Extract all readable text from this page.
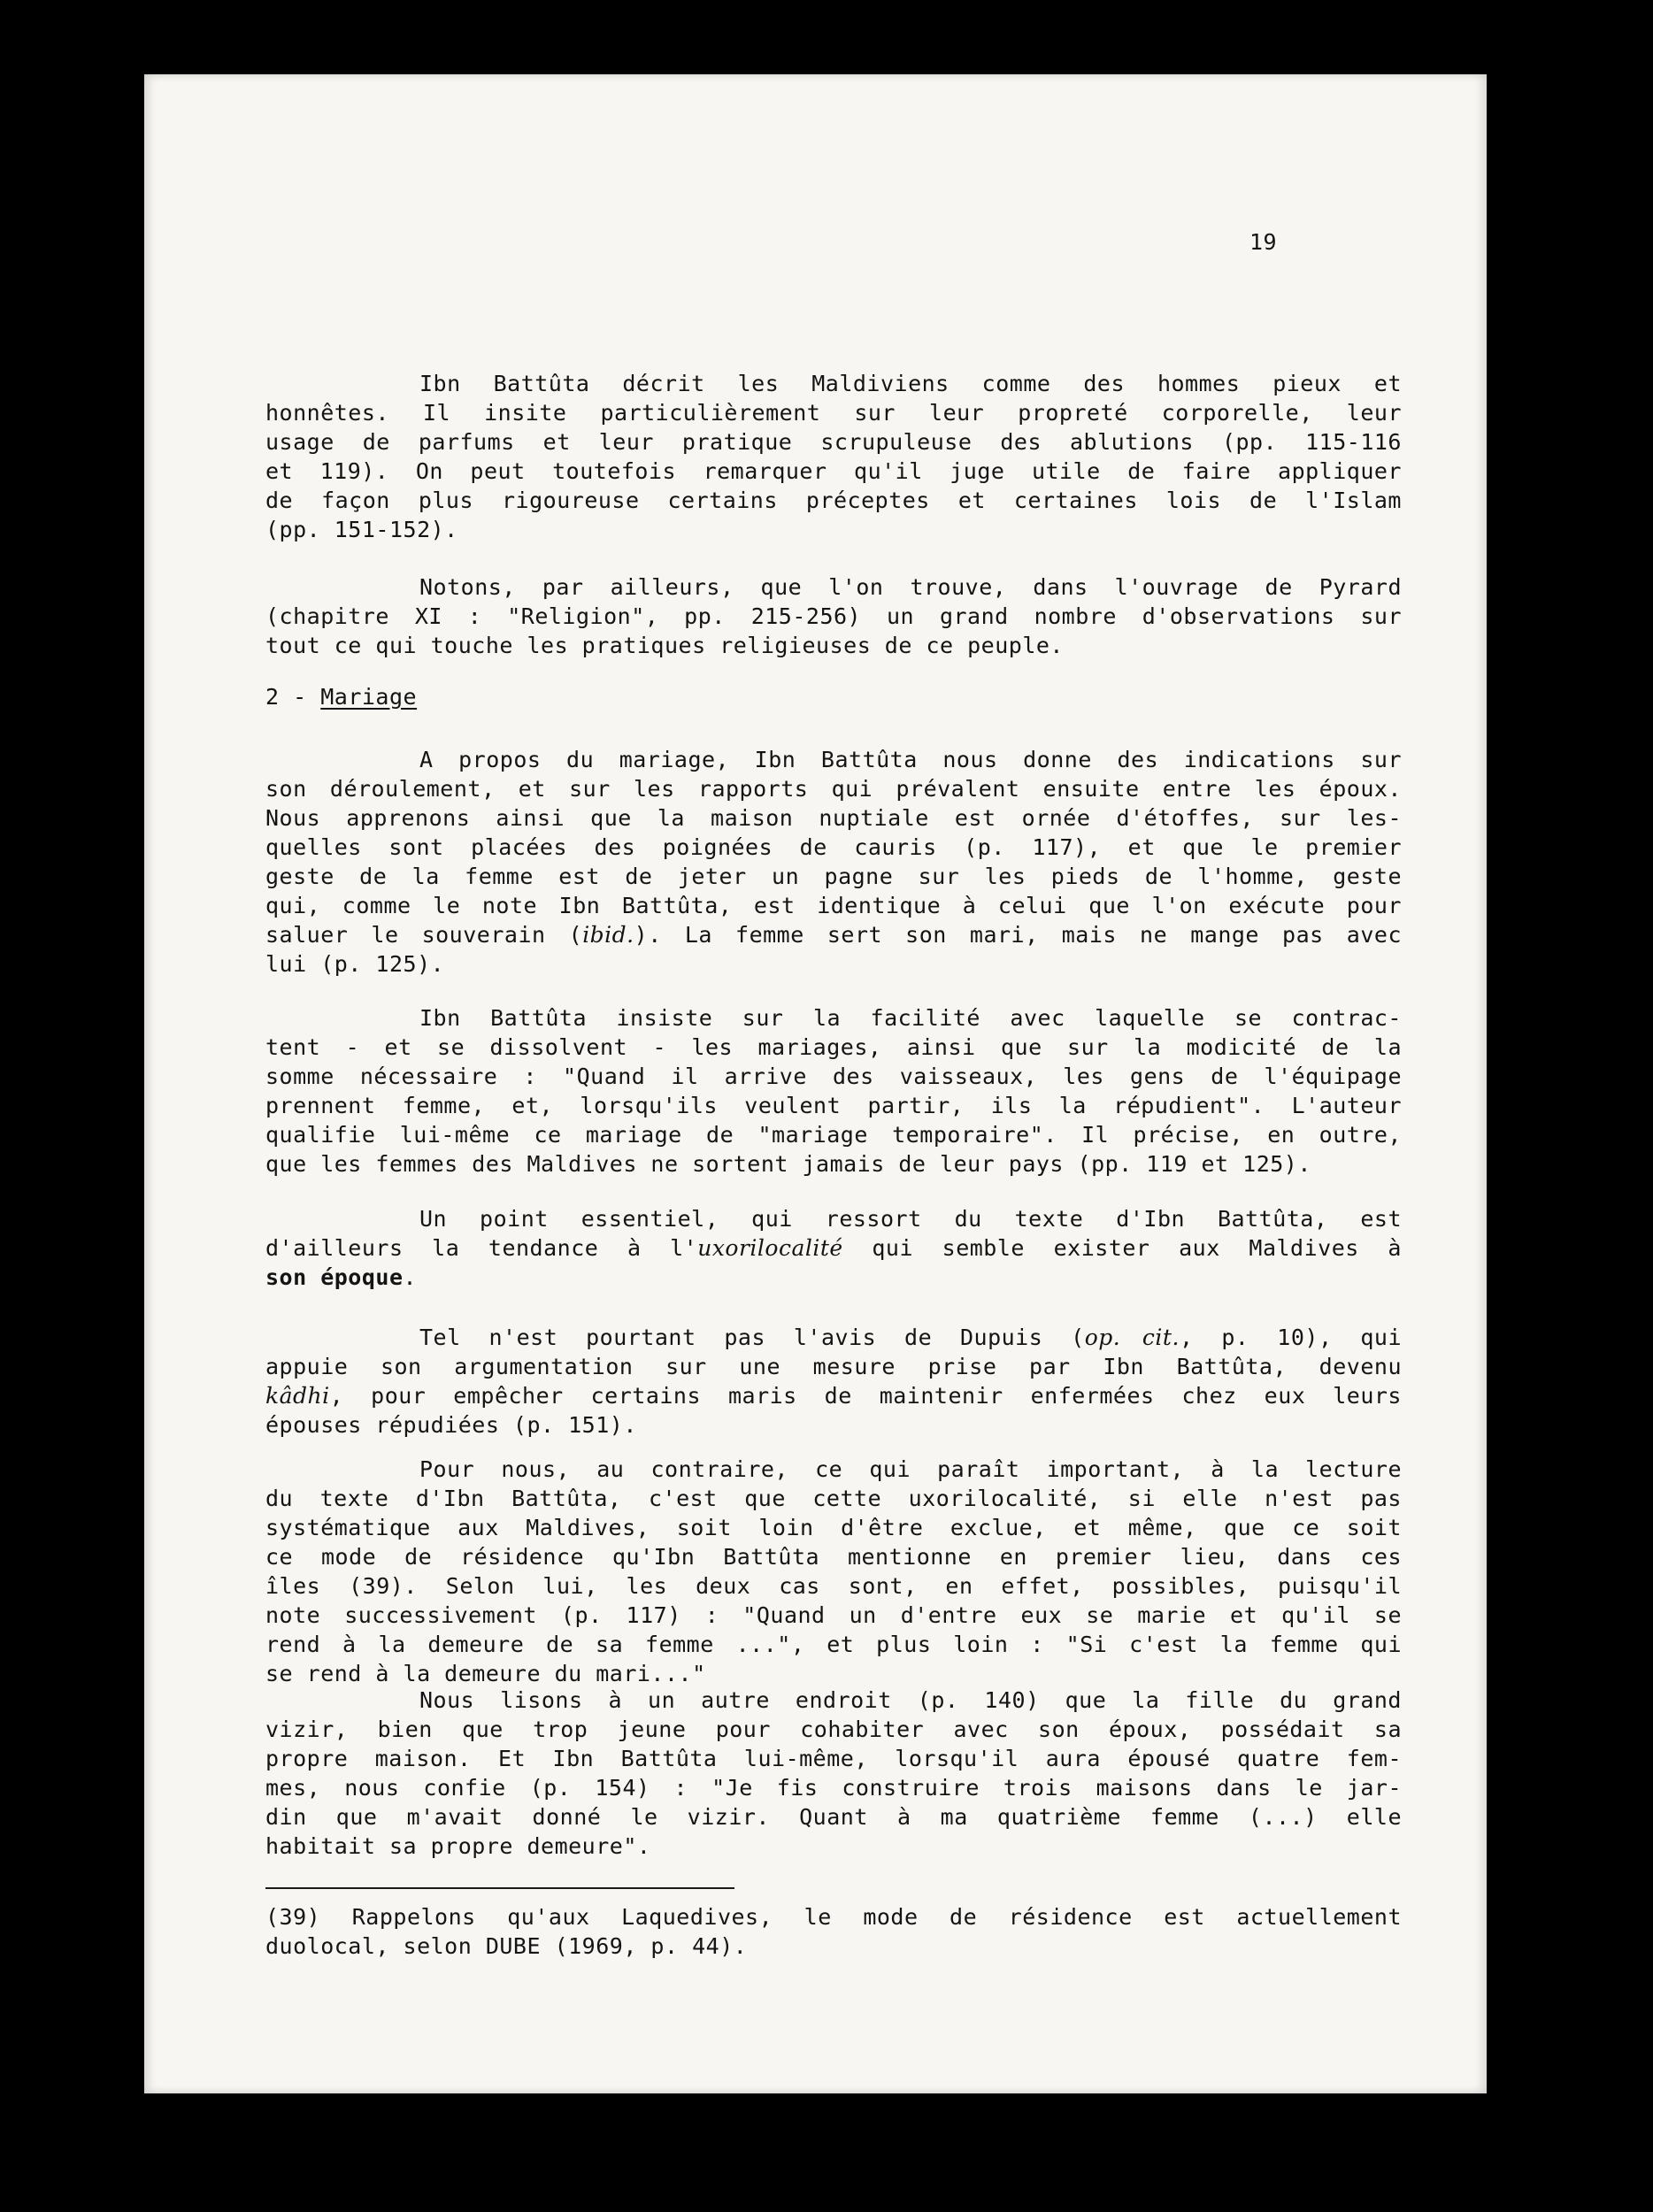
19

Ibn Battûta décrit les Maldiviens comme des hommes pieux et
honnêtes. Il insite particulièrement sur leur propreté corporelle, leur
usage de parfums et leur pratique scrupuleuse des ablutions (pp. 115-116
et 119). On peut toutefois remarquer qu'il juge utile de faire appliquer
de façon plus rigoureuse certains préceptes et certaines lois de l'Islam
(pp. 151-152).

Notons, par ailleurs, que l'on trouve, dans l'ouvrage de Pyrard
(chapitre XI : "Religion", pp. 215-256) un grand nombre d'observations sur
tout ce qui touche les pratiques religieuses de ce peuple.

2 - Mariage

A propos du mariage, Ibn Battûta nous donne des indications sur
son déroulement, et sur les rapports qui prévalent ensuite entre les époux.
Nous apprenons ainsi que la maison nuptiale est ornée d'étoffes, sur les-
quelles sont placées des poignées de cauris (p. 117), et que le premier
geste de la femme est de jeter un pagne sur les pieds de l'homme, geste
qui, comme le note Ibn Battûta, est identique à celui que l'on exécute pour
saluer le souverain (ibid.). La femme sert son mari, mais ne mange pas avec
lui (p. 125).

Ibn Battûta insiste sur la facilité avec laquelle se contrac-
tent - et se dissolvent - les mariages, ainsi que sur la modicité de la
somme nécessaire : "Quand il arrive des vaisseaux, les gens de l'équipage
prennent femme, et, lorsqu'ils veulent partir, ils la répudient". L'auteur
qualifie lui-même ce mariage de "mariage temporaire". Il précise, en outre,
que les femmes des Maldives ne sortent jamais de leur pays (pp. 119 et 125).

Un point essentiel, qui ressort du texte d'Ibn Battûta, est
d'ailleurs la tendance à l'uxorilocalité qui semble exister aux Maldives à
son époque.

Tel n'est pourtant pas l'avis de Dupuis (op. cit., p. 10), qui
appuie son argumentation sur une mesure prise par Ibn Battûta, devenu
kâdhi, pour empêcher certains maris de maintenir enfermées chez eux leurs
épouses répudiées (p. 151).

Pour nous, au contraire, ce qui paraît important, à la lecture
du texte d'Ibn Battûta, c'est que cette uxorilocalité, si elle n'est pas
systématique aux Maldives, soit loin d'être exclue, et même, que ce soit
ce mode de résidence qu'Ibn Battûta mentionne en premier lieu, dans ces
îles (39). Selon lui, les deux cas sont, en effet, possibles, puisqu'il
note successivement (p. 117) : "Quand un d'entre eux se marie et qu'il se
rend à la demeure de sa femme ...", et plus loin : "Si c'est la femme qui
se rend à la demeure du mari..."

Nous lisons à un autre endroit (p. 140) que la fille du grand
vizir, bien que trop jeune pour cohabiter avec son époux, possédait sa
propre maison. Et Ibn Battûta lui-même, lorsqu'il aura épousé quatre fem-
mes, nous confie (p. 154) : "Je fis construire trois maisons dans le jar-
din que m'avait donné le vizir. Quant à ma quatrième femme (...) elle
habitait sa propre demeure".

(39) Rappelons qu'aux Laquedives, le mode de résidence est actuellement
duolocal, selon DUBE (1969, p. 44).
